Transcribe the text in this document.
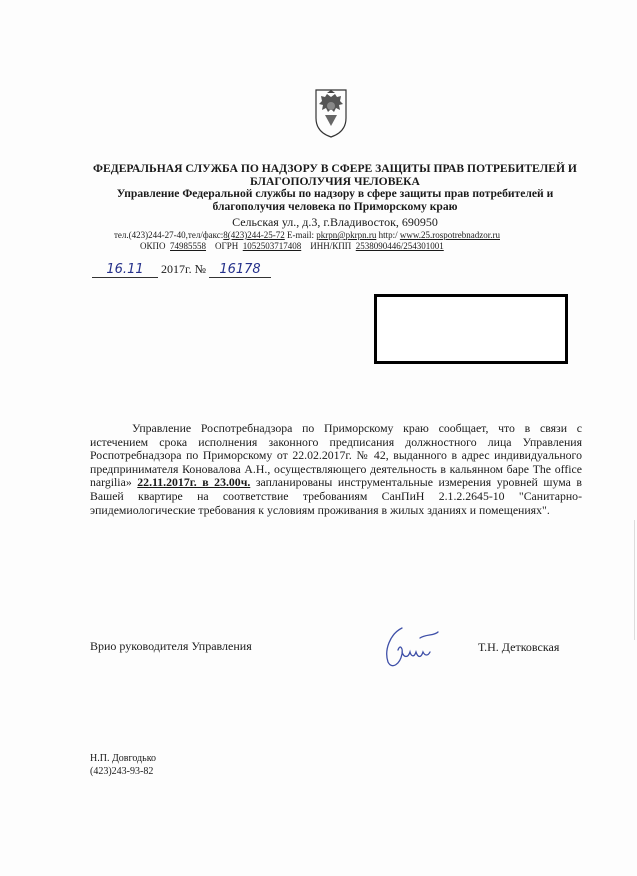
ФЕДЕРАЛЬНАЯ СЛУЖБА ПО НАДЗОРУ В СФЕРЕ ЗАЩИТЫ ПРАВ ПОТРЕБИТЕЛЕЙ И
БЛАГОПОЛУЧИЯ ЧЕЛОВЕКА
Управление Федеральной службы по надзору в сфере защиты прав потребителей и
благополучия человека по Приморскому краю
Сельская ул., д.3, г.Владивосток, 690950
тел.(423)244-27-40,тел/факс:8(423)244-25-72 E-mail: pkrpn@pkrpn.ru http:/ www.25.rospotrebnadzor.ru
ОКПО 74985558 ОГРН 1052503717408 ИНН/КПП 2538090446/254301001
16.11 2017г. № 16178
Управление Роспотребнадзора по Приморскому краю сообщает, что в связи с истечением срока исполнения законного предписания должностного лица Управления Роспотребнадзора по Приморскому от 22.02.2017г. № 42, выданного в адрес индивидуального предпринимателя Коновалова А.Н., осуществляющего деятельность в кальянном баре The office nargilia» 22.11.2017г. в 23.00ч. запланированы инструментальные измерения уровней шума в Вашей квартире на соответствие требованиям СанПиН 2.1.2.2645-10 "Санитарно- эпидемиологические требования к условиям проживания в жилых зданиях и помещениях".
Врио руководителя Управления	Т.Н. Детковская
Н.П. Довгодько
(423)243-93-82
